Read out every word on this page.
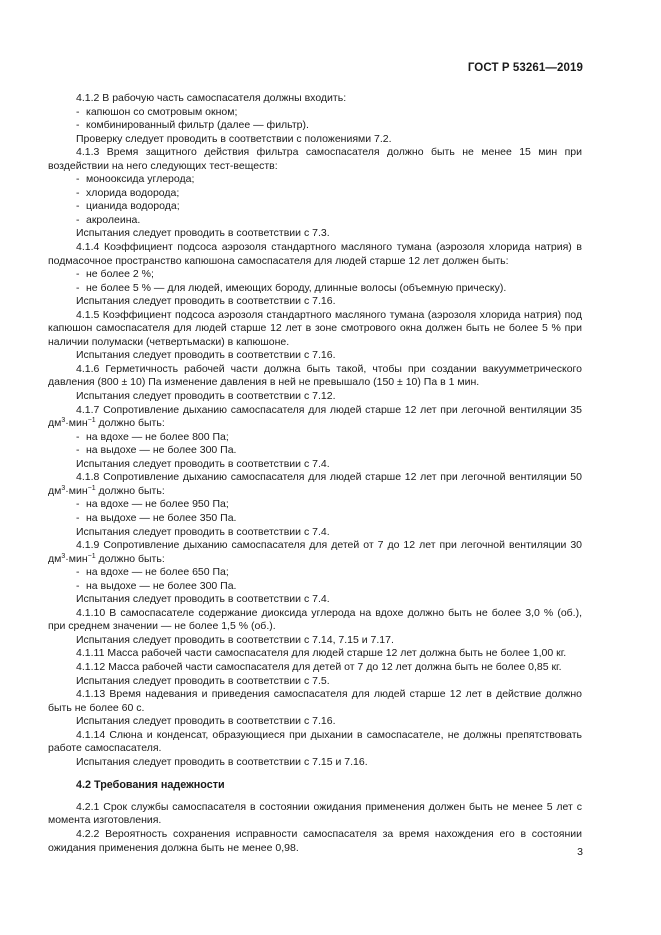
ГОСТ Р 53261—2019

4.1.2 В рабочую часть самоспасателя должны входить:

- капюшон со смотровым окном;

- комбинированный фильтр (далее — фильтр).

Проверку следует проводить в соответствии с положениями 7.2.

4.1.3 Время защитного действия фильтра самоспасателя должно быть не менее 15 мин при воздействии на него следующих тест-веществ:

- монооксида углерода;

- хлорида водорода;

- цианида водорода;

- акролеина.

Испытания следует проводить в соответствии с 7.3.

4.1.4 Коэффициент подсоса аэрозоля стандартного масляного тумана (аэрозоля хлорида натрия) в подмасочное пространство капюшона самоспасателя для людей старше 12 лет должен быть:

- не более 2 %;

- не более 5 % — для людей, имеющих бороду, длинные волосы (объемную прическу).

Испытания следует проводить в соответствии с 7.16.

4.1.5 Коэффициент подсоса аэрозоля стандартного масляного тумана (аэрозоля хлорида натрия) под капюшон самоспасателя для людей старше 12 лет в зоне смотрового окна должен быть не более 5 % при наличии полумаски (четвертьмаски) в капюшоне.

Испытания следует проводить в соответствии с 7.16.

4.1.6 Герметичность рабочей части должна быть такой, чтобы при создании вакуумметрического давления (800 ± 10) Па изменение давления в ней не превышало (150 ± 10) Па в 1 мин.

Испытания следует проводить в соответствии с 7.12.

4.1.7 Сопротивление дыханию самоспасателя для людей старше 12 лет при легочной вентиляции 35 $дм^3\cdot мин^{-1}$ должно быть:

- на вдохе — не более 800 Па;

- на выдохе — не более 300 Па.

Испытания следует проводить в соответствии с 7.4.

4.1.8 Сопротивление дыханию самоспасателя для людей старше 12 лет при легочной вентиляции 50 $дм^3\cdot мин^{-1}$ должно быть:

- на вдохе — не более 950 Па;

- на выдохе — не более 350 Па.

Испытания следует проводить в соответствии с 7.4.

4.1.9 Сопротивление дыханию самоспасателя для детей от 7 до 12 лет при легочной вентиляции 30 $дм^3\cdot мин^{-1}$ должно быть:

- на вдохе — не более 650 Па;

- на выдохе — не более 300 Па.

Испытания следует проводить в соответствии с 7.4.

4.1.10 В самоспасателе содержание диоксида углерода на вдохе должно быть не более 3,0 % (об.), при среднем значении — не более 1,5 % (об.).

Испытания следует проводить в соответствии с 7.14, 7.15 и 7.17.

4.1.11 Масса рабочей части самоспасателя для людей старше 12 лет должна быть не более 1,00 кг.

4.1.12 Масса рабочей части самоспасателя для детей от 7 до 12 лет должна быть не более 0,85 кг.

Испытания следует проводить в соответствии с 7.5.

4.1.13 Время надевания и приведения самоспасателя для людей старше 12 лет в действие должно быть не более 60 с.

Испытания следует проводить в соответствии с 7.16.

4.1.14 Слюна и конденсат, образующиеся при дыхании в самоспасателе, не должны препятствовать работе самоспасателя.

Испытания следует проводить в соответствии с 7.15 и 7.16.

4.2 Требования надежности

4.2.1 Срок службы самоспасателя в состоянии ожидания применения должен быть не менее 5 лет с момента изготовления.

4.2.2 Вероятность сохранения исправности самоспасателя за время нахождения его в состоянии ожидания применения должна быть не менее 0,98.	3
